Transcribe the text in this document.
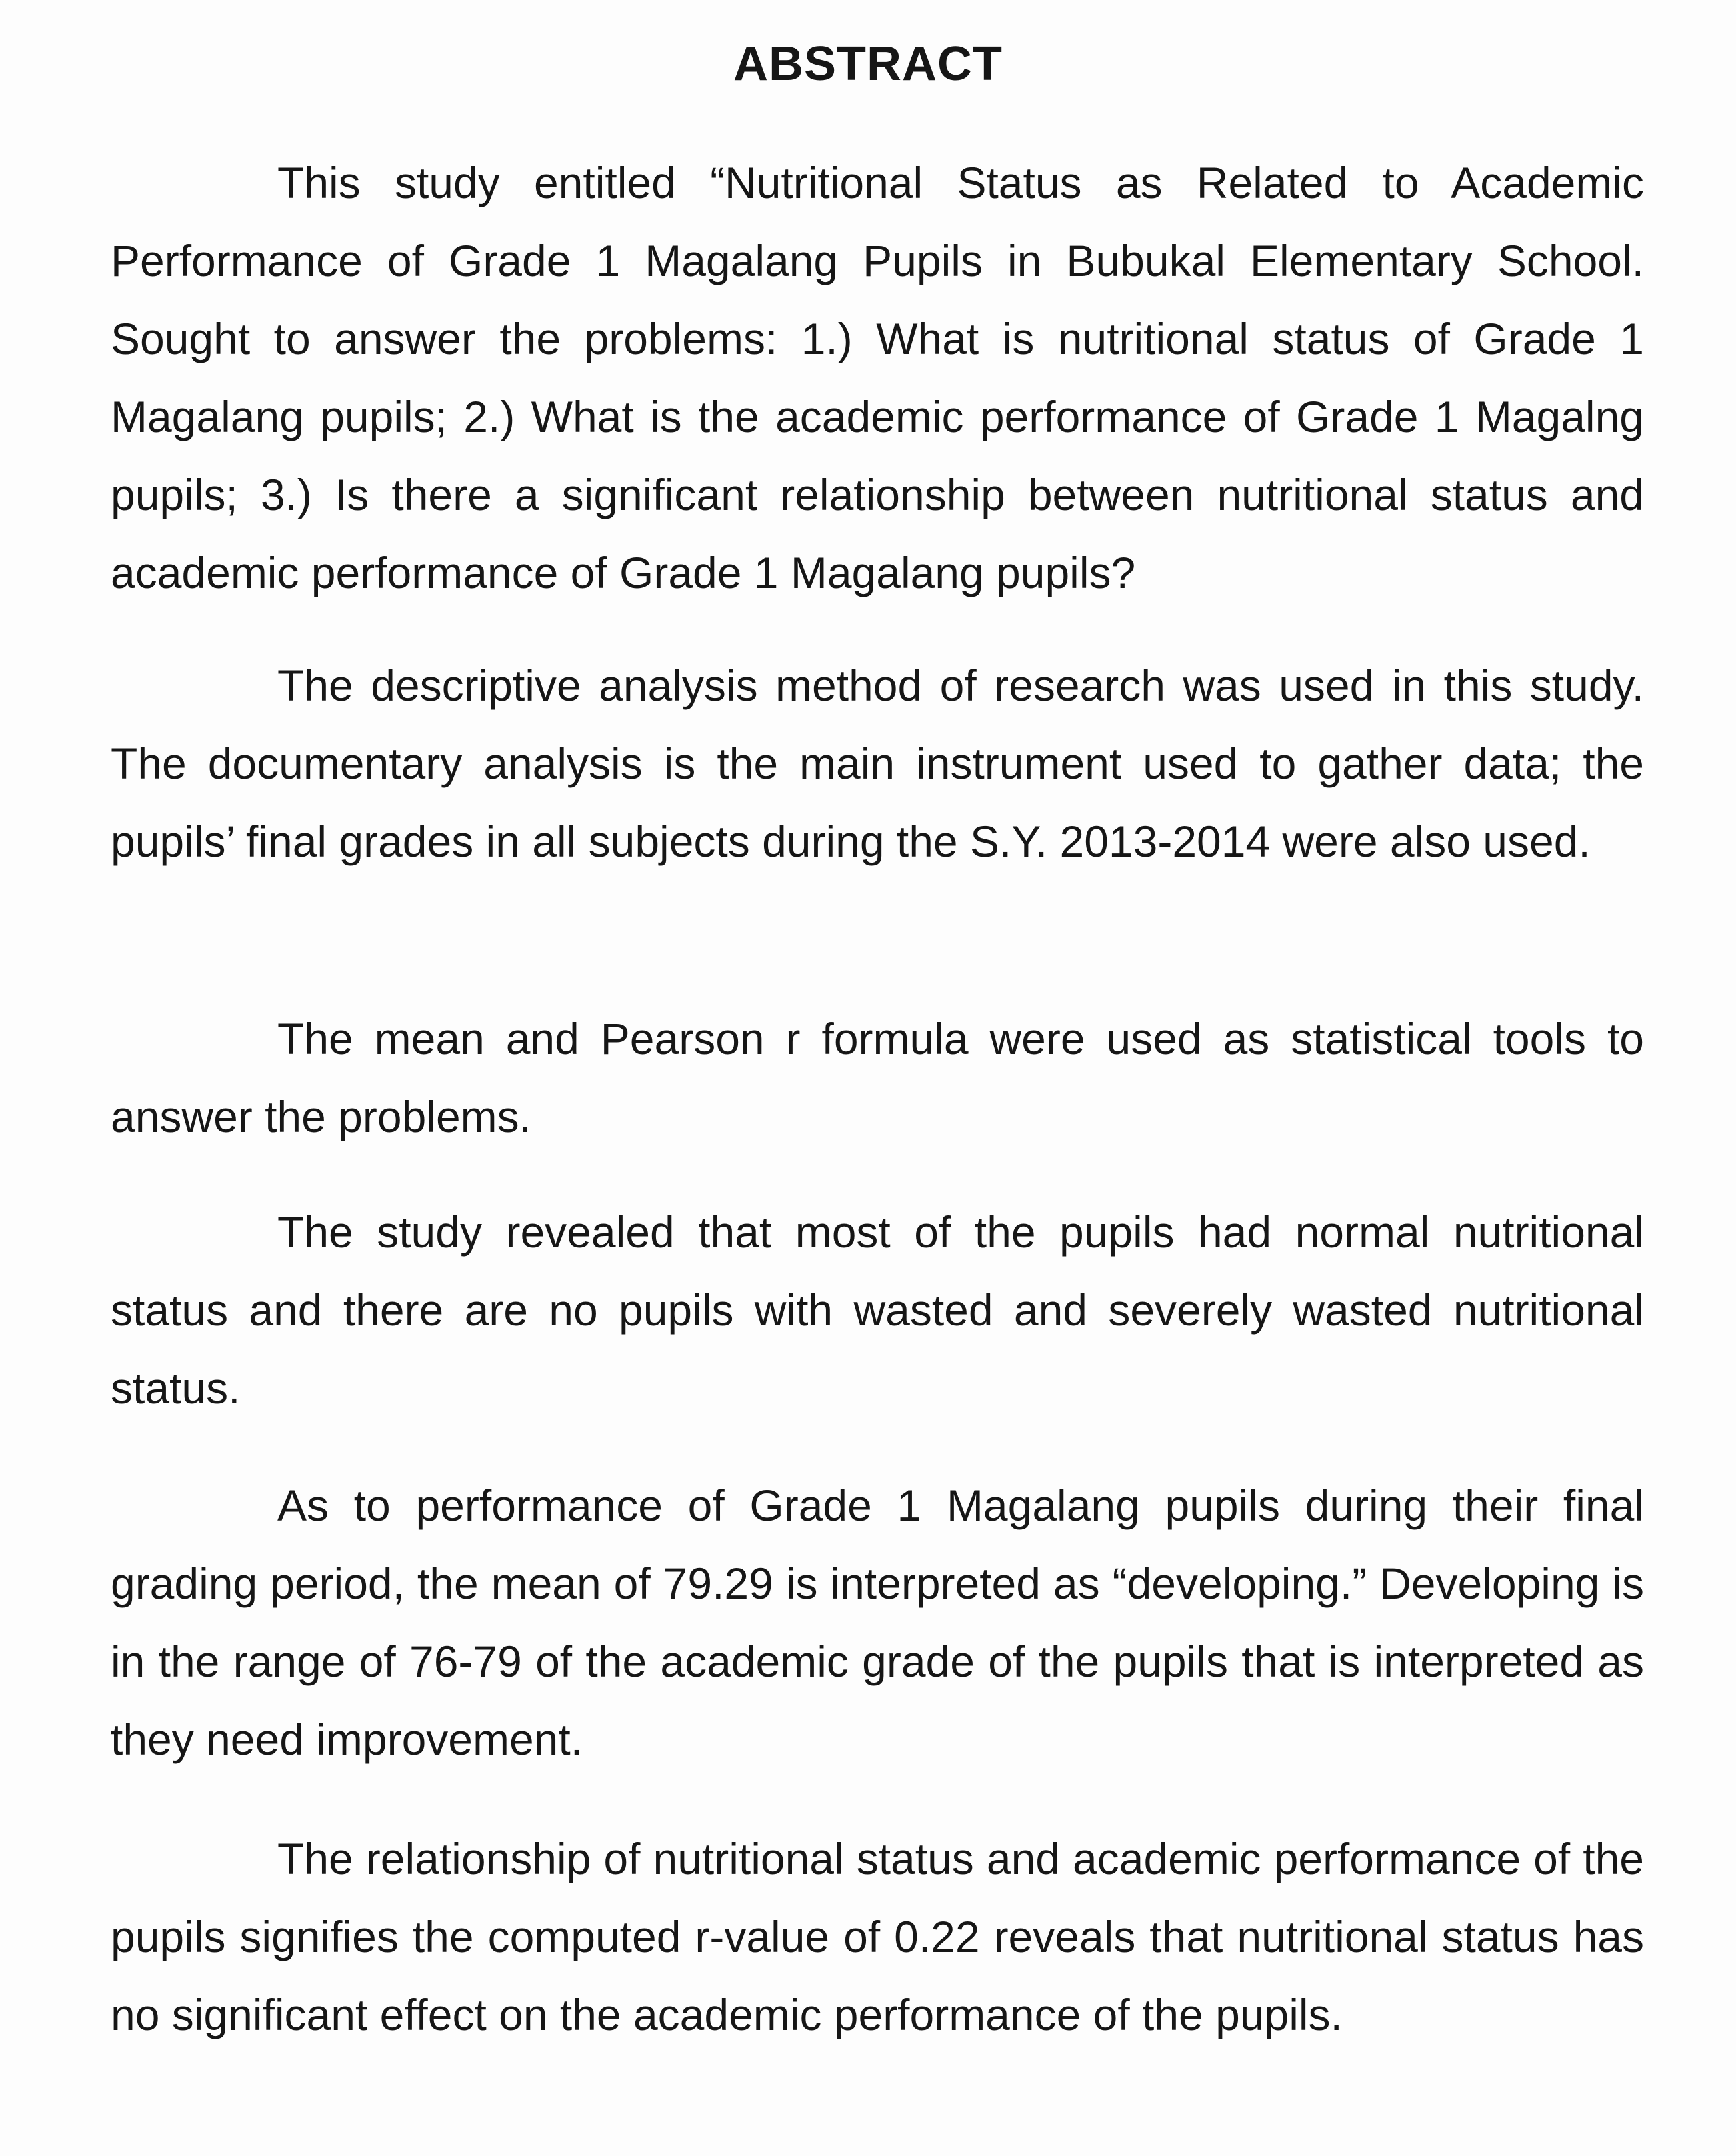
ABSTRACT

This study entitled “Nutritional Status as Related to Academic Performance of Grade 1 Magalang Pupils in Bubukal Elementary School. Sought to answer the problems: 1.) What is nutritional status of Grade 1 Magalang pupils; 2.) What is the academic performance of Grade 1 Magalng pupils; 3.) Is there a significant relationship between nutritional status and academic performance of Grade 1 Magalang pupils?

The descriptive analysis method of research was used in this study. The documentary analysis is the main instrument used to gather data; the pupils’ final grades in all subjects during the S.Y. 2013-2014 were also used.

The mean and Pearson r formula were used as statistical tools to answer the problems.

The study revealed that most of the pupils had normal nutritional status and there are no pupils with wasted and severely wasted nutritional status.

As to performance of Grade 1 Magalang pupils during their final grading period, the mean of 79.29 is interpreted as “developing.” Developing is in the range of 76-79 of the academic grade of the pupils that is interpreted as they need improvement.

The relationship of nutritional status and academic performance of the pupils signifies the computed r-value of 0.22 reveals that nutritional status has no significant effect on the academic performance of the pupils.
